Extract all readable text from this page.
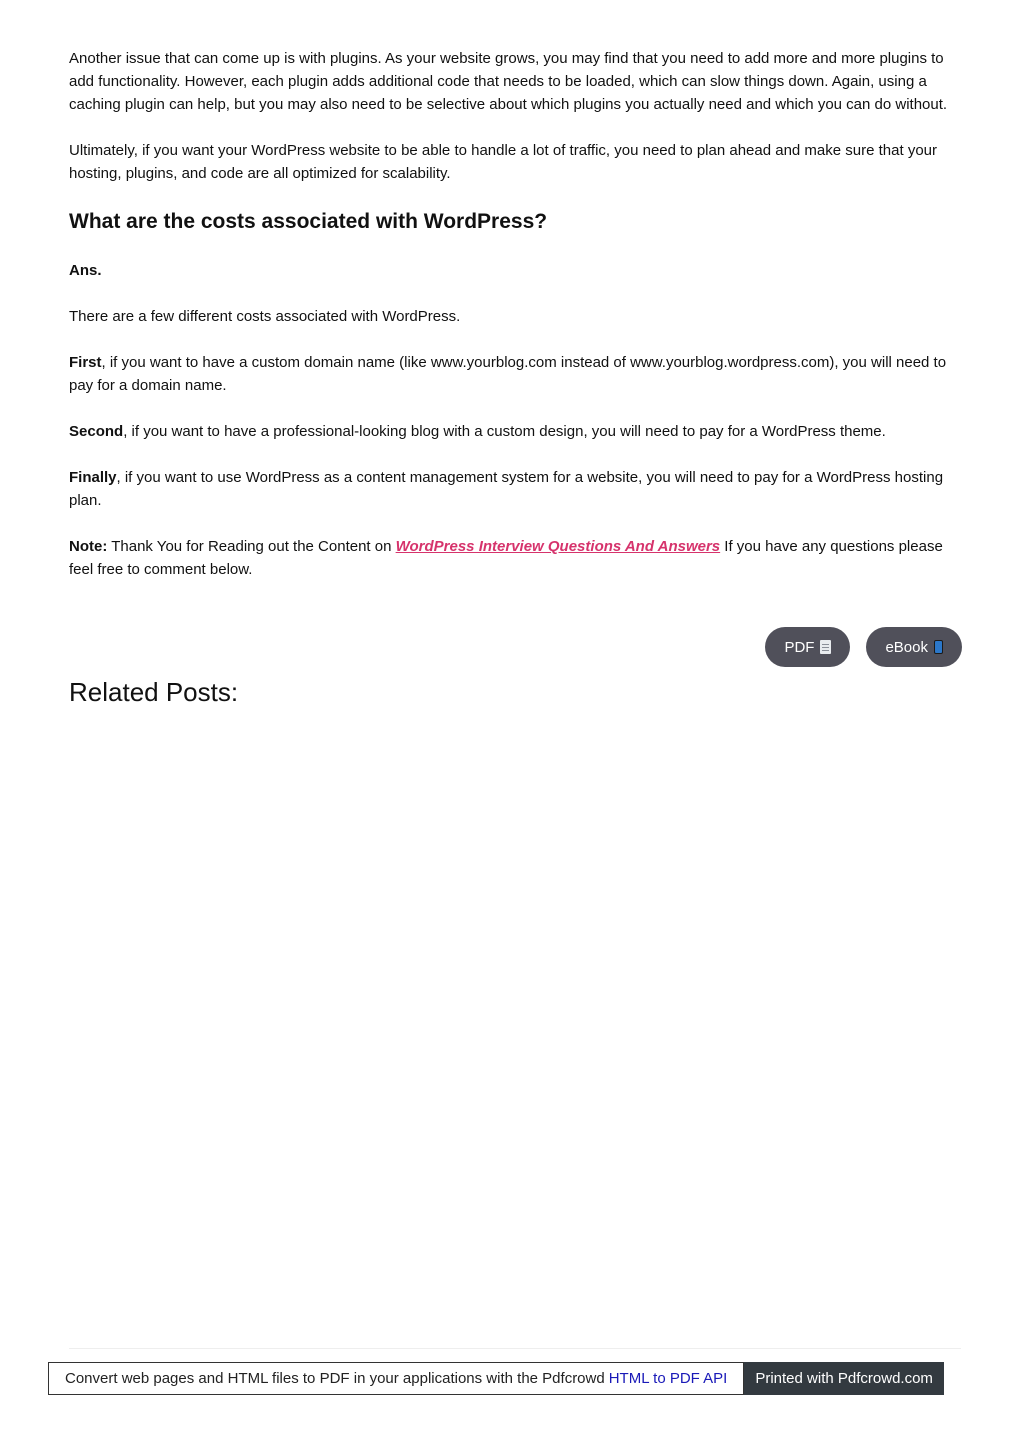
Another issue that can come up is with plugins. As your website grows, you may find that you need to add more and more plugins to add functionality. However, each plugin adds additional code that needs to be loaded, which can slow things down. Again, using a caching plugin can help, but you may also need to be selective about which plugins you actually need and which you can do without.

Ultimately, if you want your WordPress website to be able to handle a lot of traffic, you need to plan ahead and make sure that your hosting, plugins, and code are all optimized for scalability.

What are the costs associated with WordPress?

Ans.

There are a few different costs associated with WordPress.

First, if you want to have a custom domain name (like www.yourblog.com instead of www.yourblog.wordpress.com), you will need to pay for a domain name.

Second, if you want to have a professional-looking blog with a custom design, you will need to pay for a WordPress theme.

Finally, if you want to use WordPress as a content management system for a website, you will need to pay for a WordPress hosting plan.

Note: Thank You for Reading out the Content on WordPress Interview Questions And Answers If you have any questions please feel free to comment below.

PDF	eBook
Related Posts:
Convert web pages and HTML files to PDF in your applications with the Pdfcrowd HTML to PDF API	Printed with Pdfcrowd.com
